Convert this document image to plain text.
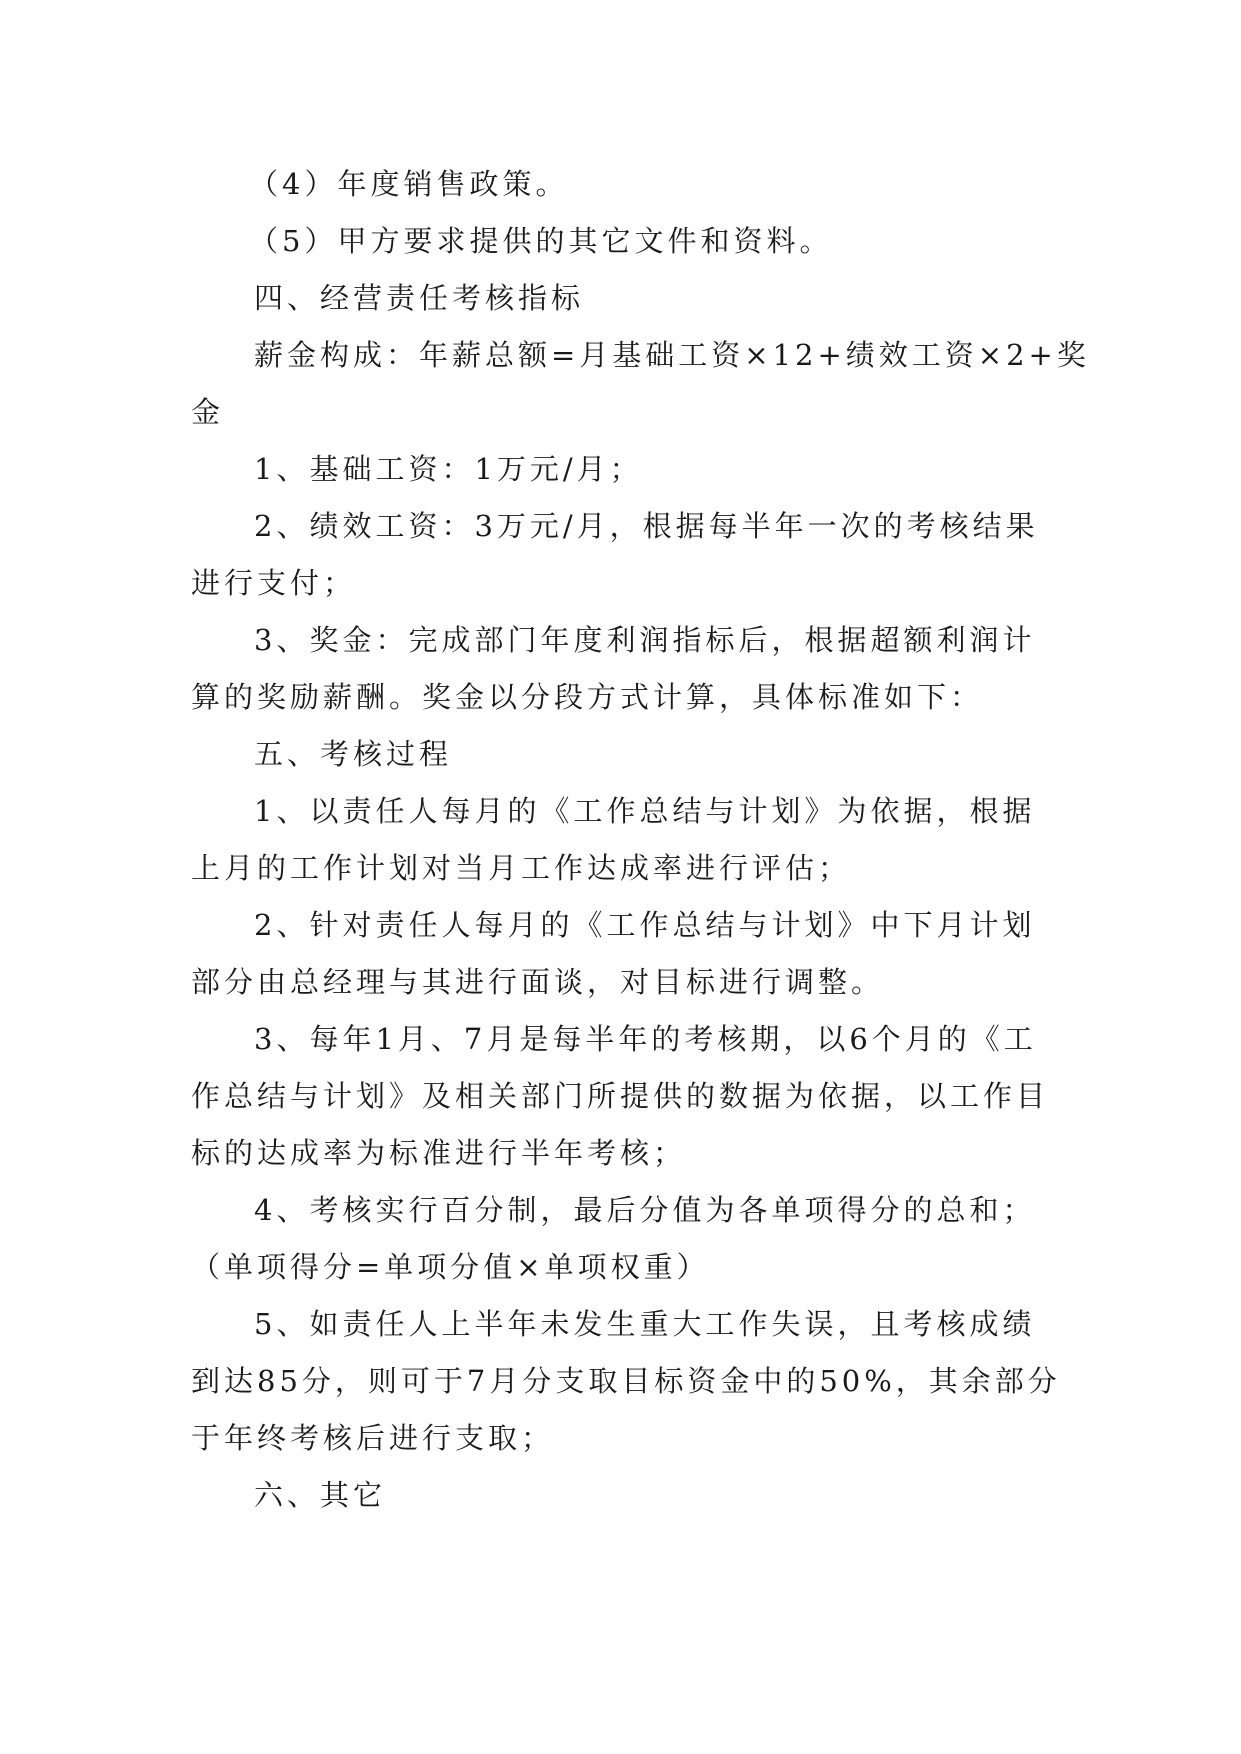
（4）年度销售政策。
（5）甲方要求提供的其它文件和资料。
四、经营责任考核指标
薪金构成：年薪总额=月基础工资×12+绩效工资×2+奖
金
1、基础工资：1万元/月；
2、绩效工资：3万元/月，根据每半年一次的考核结果
进行支付；
3、奖金：完成部门年度利润指标后，根据超额利润计
算的奖励薪酬。奖金以分段方式计算，具体标准如下：
五、考核过程
1、以责任人每月的《工作总结与计划》为依据，根据
上月的工作计划对当月工作达成率进行评估；
2、针对责任人每月的《工作总结与计划》中下月计划
部分由总经理与其进行面谈，对目标进行调整。
3、每年1月、7月是每半年的考核期，以6个月的《工
作总结与计划》及相关部门所提供的数据为依据，以工作目
标的达成率为标准进行半年考核；
4、考核实行百分制，最后分值为各单项得分的总和；
（单项得分=单项分值×单项权重）
5、如责任人上半年未发生重大工作失误，且考核成绩
到达85分，则可于7月分支取目标资金中的50%，其余部分
于年终考核后进行支取；
六、其它
